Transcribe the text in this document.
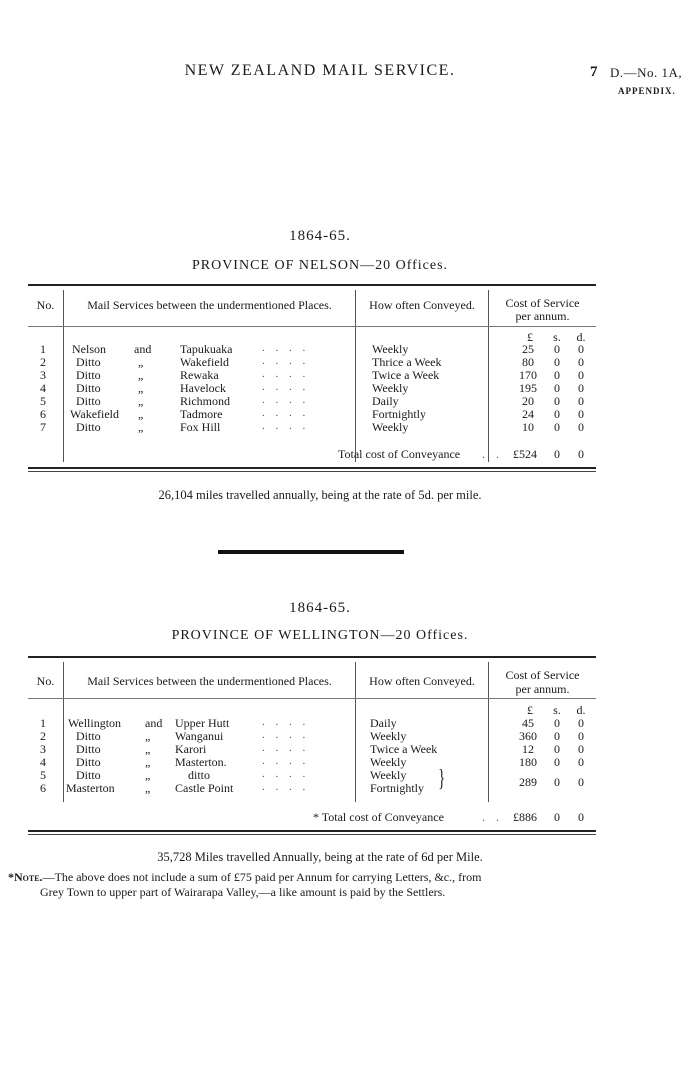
NEW ZEALAND MAIL SERVICE.	7 D.—No. 1A,
APPENDIX.
1864-65.
PROVINCE OF NELSON—20 Offices.
No.	Mail Services between the undermentioned Places.	How often Conveyed.	Cost of Service
per annum.
£	s.	d.
1	Nelson and Tapukuaka	. . . .	Weekly	25	0	0
2	Ditto	„	Wakefield	. . . .	Thrice a Week	80	0	0
3	Ditto	„	Rewaka	. . . .	Twice a Week	170	0	0
4	Ditto	„	Havelock	. . . .	Weekly	195	0	0
5	Ditto	„	Richmond	. . . .	Daily	20	0	0
6	Wakefield „	Tadmore	. . . .	Fortnightly	24	0	0
7	Ditto	„	Fox Hill	. . . .	Weekly	10	0	0
Total cost of Conveyance . . £524	0	0
26,104 miles travelled annually, being at the rate of 5d. per mile.
1864-65.
PROVINCE OF WELLINGTON—20 Offices.
No.	Mail Services between the undermentioned Places.	How often Conveyed.	Cost of Service
per annum.
£	s.	d.
1	Wellington and Upper Hutt	. . . .	Daily	45	0	0
2	Ditto	„ Wanganui	. . . .	Weekly	360	0	0
3	Ditto	„ Karori	. . . .	Twice a Week	12	0	0
4	Ditto	„ Masterton.	. . . .	Weekly	180	0	0
5	Ditto	„	ditto	. . . .	Weekly }
6	Masterton	„ Castle Point	. . . .	Fortnightly	289	0	0
* Total cost of Conveyance	. . £886	0	0
35,728 Miles travelled Annually, being at the rate of 6d per Mile.
*Note.—The above does not include a sum of £75 paid per Annum for carrying Letters, &c., from
Grey Town to upper part of Wairarapa Valley,—a like amount is paid by the Settlers.
